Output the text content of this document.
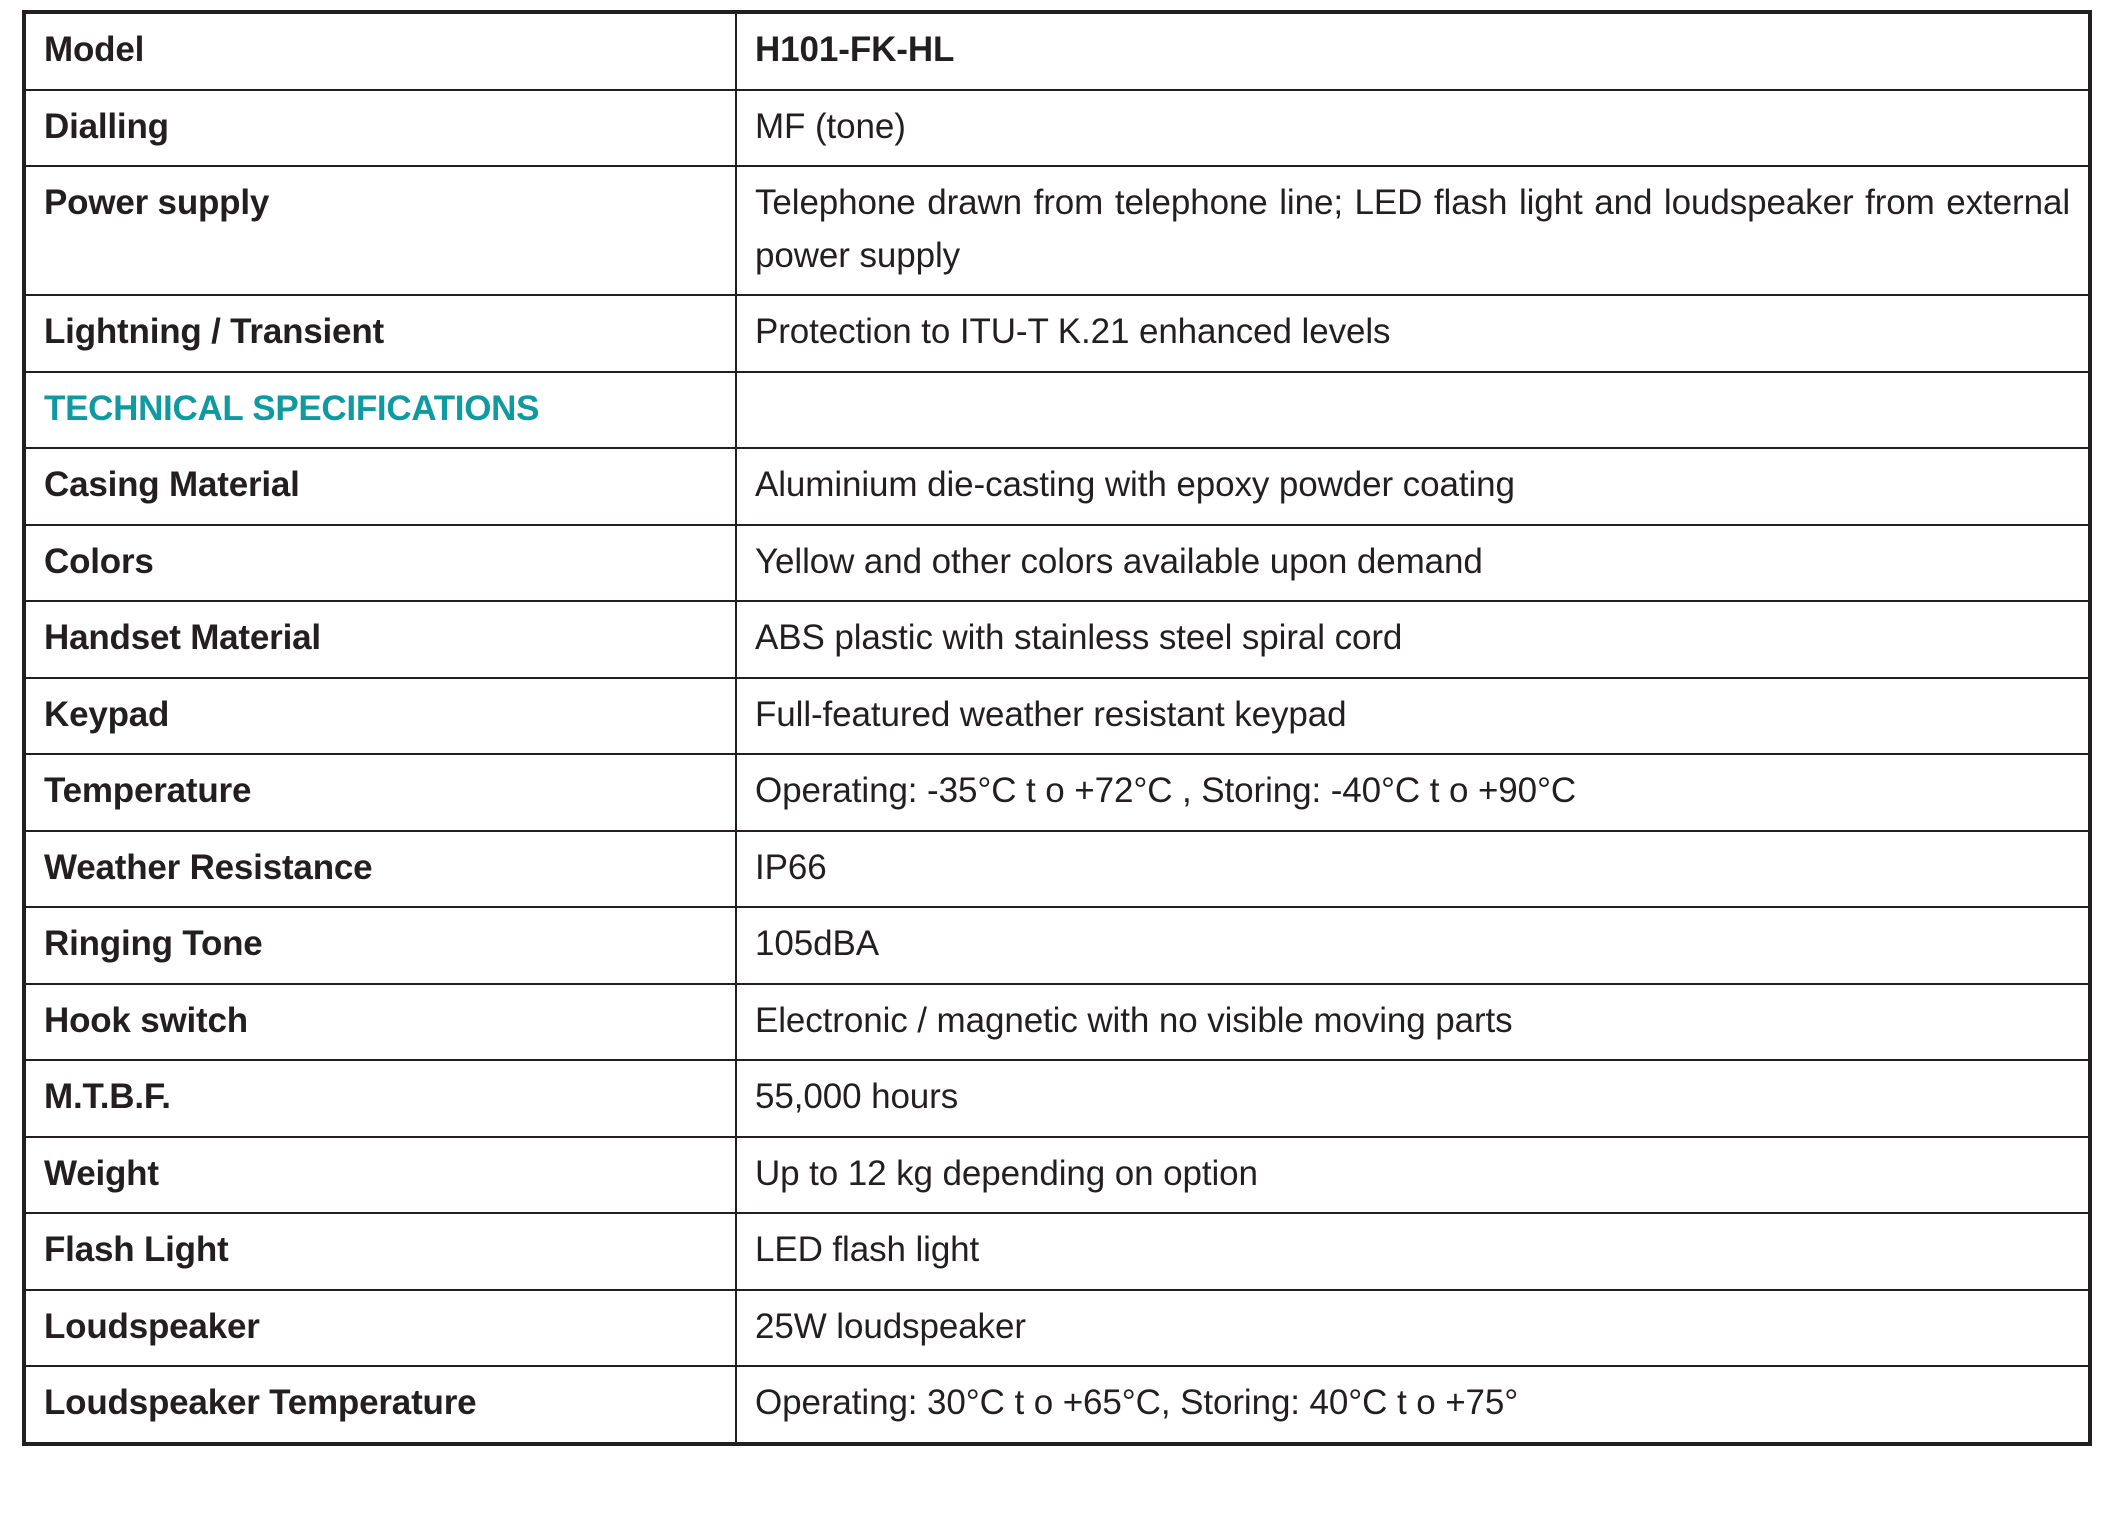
Model	H101-FK-HL
Dialling	MF (tone)
Power supply	Telephone drawn from telephone line; LED flash light and loudspeaker from external power supply
Lightning / Transient	Protection to ITU-T K.21 enhanced levels
TECHNICAL SPECIFICATIONS	
Casing Material	Aluminium die-casting with epoxy powder coating
Colors	Yellow and other colors available upon demand
Handset Material	ABS plastic with stainless steel spiral cord
Keypad	Full-featured weather resistant keypad
Temperature	Operating: -35°C t o +72°C , Storing: -40°C t o +90°C
Weather Resistance	IP66
Ringing Tone	105dBA
Hook switch	Electronic / magnetic with no visible moving parts
M.T.B.F.	55,000 hours
Weight	Up to 12 kg depending on option
Flash Light	LED flash light
Loudspeaker	25W loudspeaker
Loudspeaker Temperature	Operating: 30°C t o +65°C, Storing: 40°C t o +75°
